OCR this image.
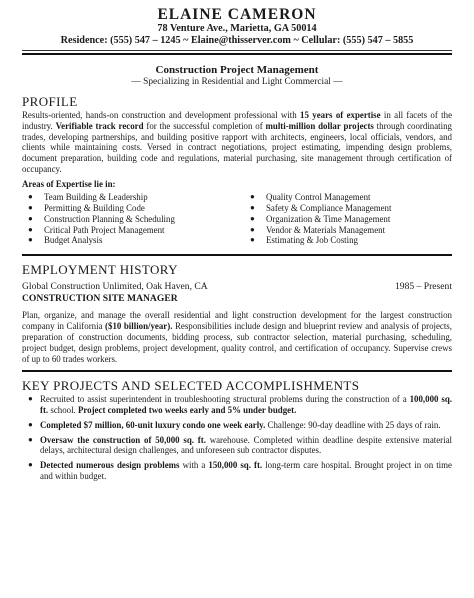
ELAINE CAMERON
78 Venture Ave., Marietta, GA 50014
Residence: (555) 547 – 1245 ~ Elaine@thisserver.com ~ Cellular: (555) 547 – 5855
Construction Project Management
— Specializing in Residential and Light Commercial —
PROFILE

Results-oriented, hands-on construction and development professional with 15 years of expertise in all facets of the industry. Verifiable track record for the successful completion of multi-million dollar projects through coordinating trades, developing partnerships, and building positive rapport with architects, engineers, local officials, vendors, and clients while maintaining costs. Versed in contract negotiations, project estimating, impending design problems, document preparation, building code and regulations, material purchasing, site management through certification of occupancy.

Areas of Expertise lie in:
● Team Building & Leadership
● Permitting & Building Code
● Construction Planning & Scheduling
● Critical Path Project Management
● Budget Analysis
● Quality Control Management
● Safety & Compliance Management
● Organization & Time Management
● Vendor & Materials Management
● Estimating & Job Costing
EMPLOYMENT HISTORY
Global Construction Unlimited, Oak Haven, CA	1985 – Present
CONSTRUCTION SITE MANAGER

Plan, organize, and manage the overall residential and light construction development for the largest construction company in California ($10 billion/year). Responsibilities include design and blueprint review and analysis of projects, preparation of construction documents, bidding process, sub contractor selection, material purchasing, scheduling, project budget, design problems, project development, quality control, and certification of occupancy. Supervise crews of up to 60 trades workers.

KEY PROJECTS AND SELECTED ACCOMPLISHMENTS
● Recruited to assist superintendent in troubleshooting structural problems during the construction of a 100,000 sq. ft. school. Project completed two weeks early and 5% under budget.
● Completed $7 million, 60-unit luxury condo one week early. Challenge: 90-day deadline with 25 days of rain.
● Oversaw the construction of 50,000 sq. ft. warehouse. Completed within deadline despite extensive material delays, architectural design challenges, and unforeseen sub contractor disputes.
● Detected numerous design problems with a 150,000 sq. ft. long-term care hospital. Brought project in on time and within budget.
